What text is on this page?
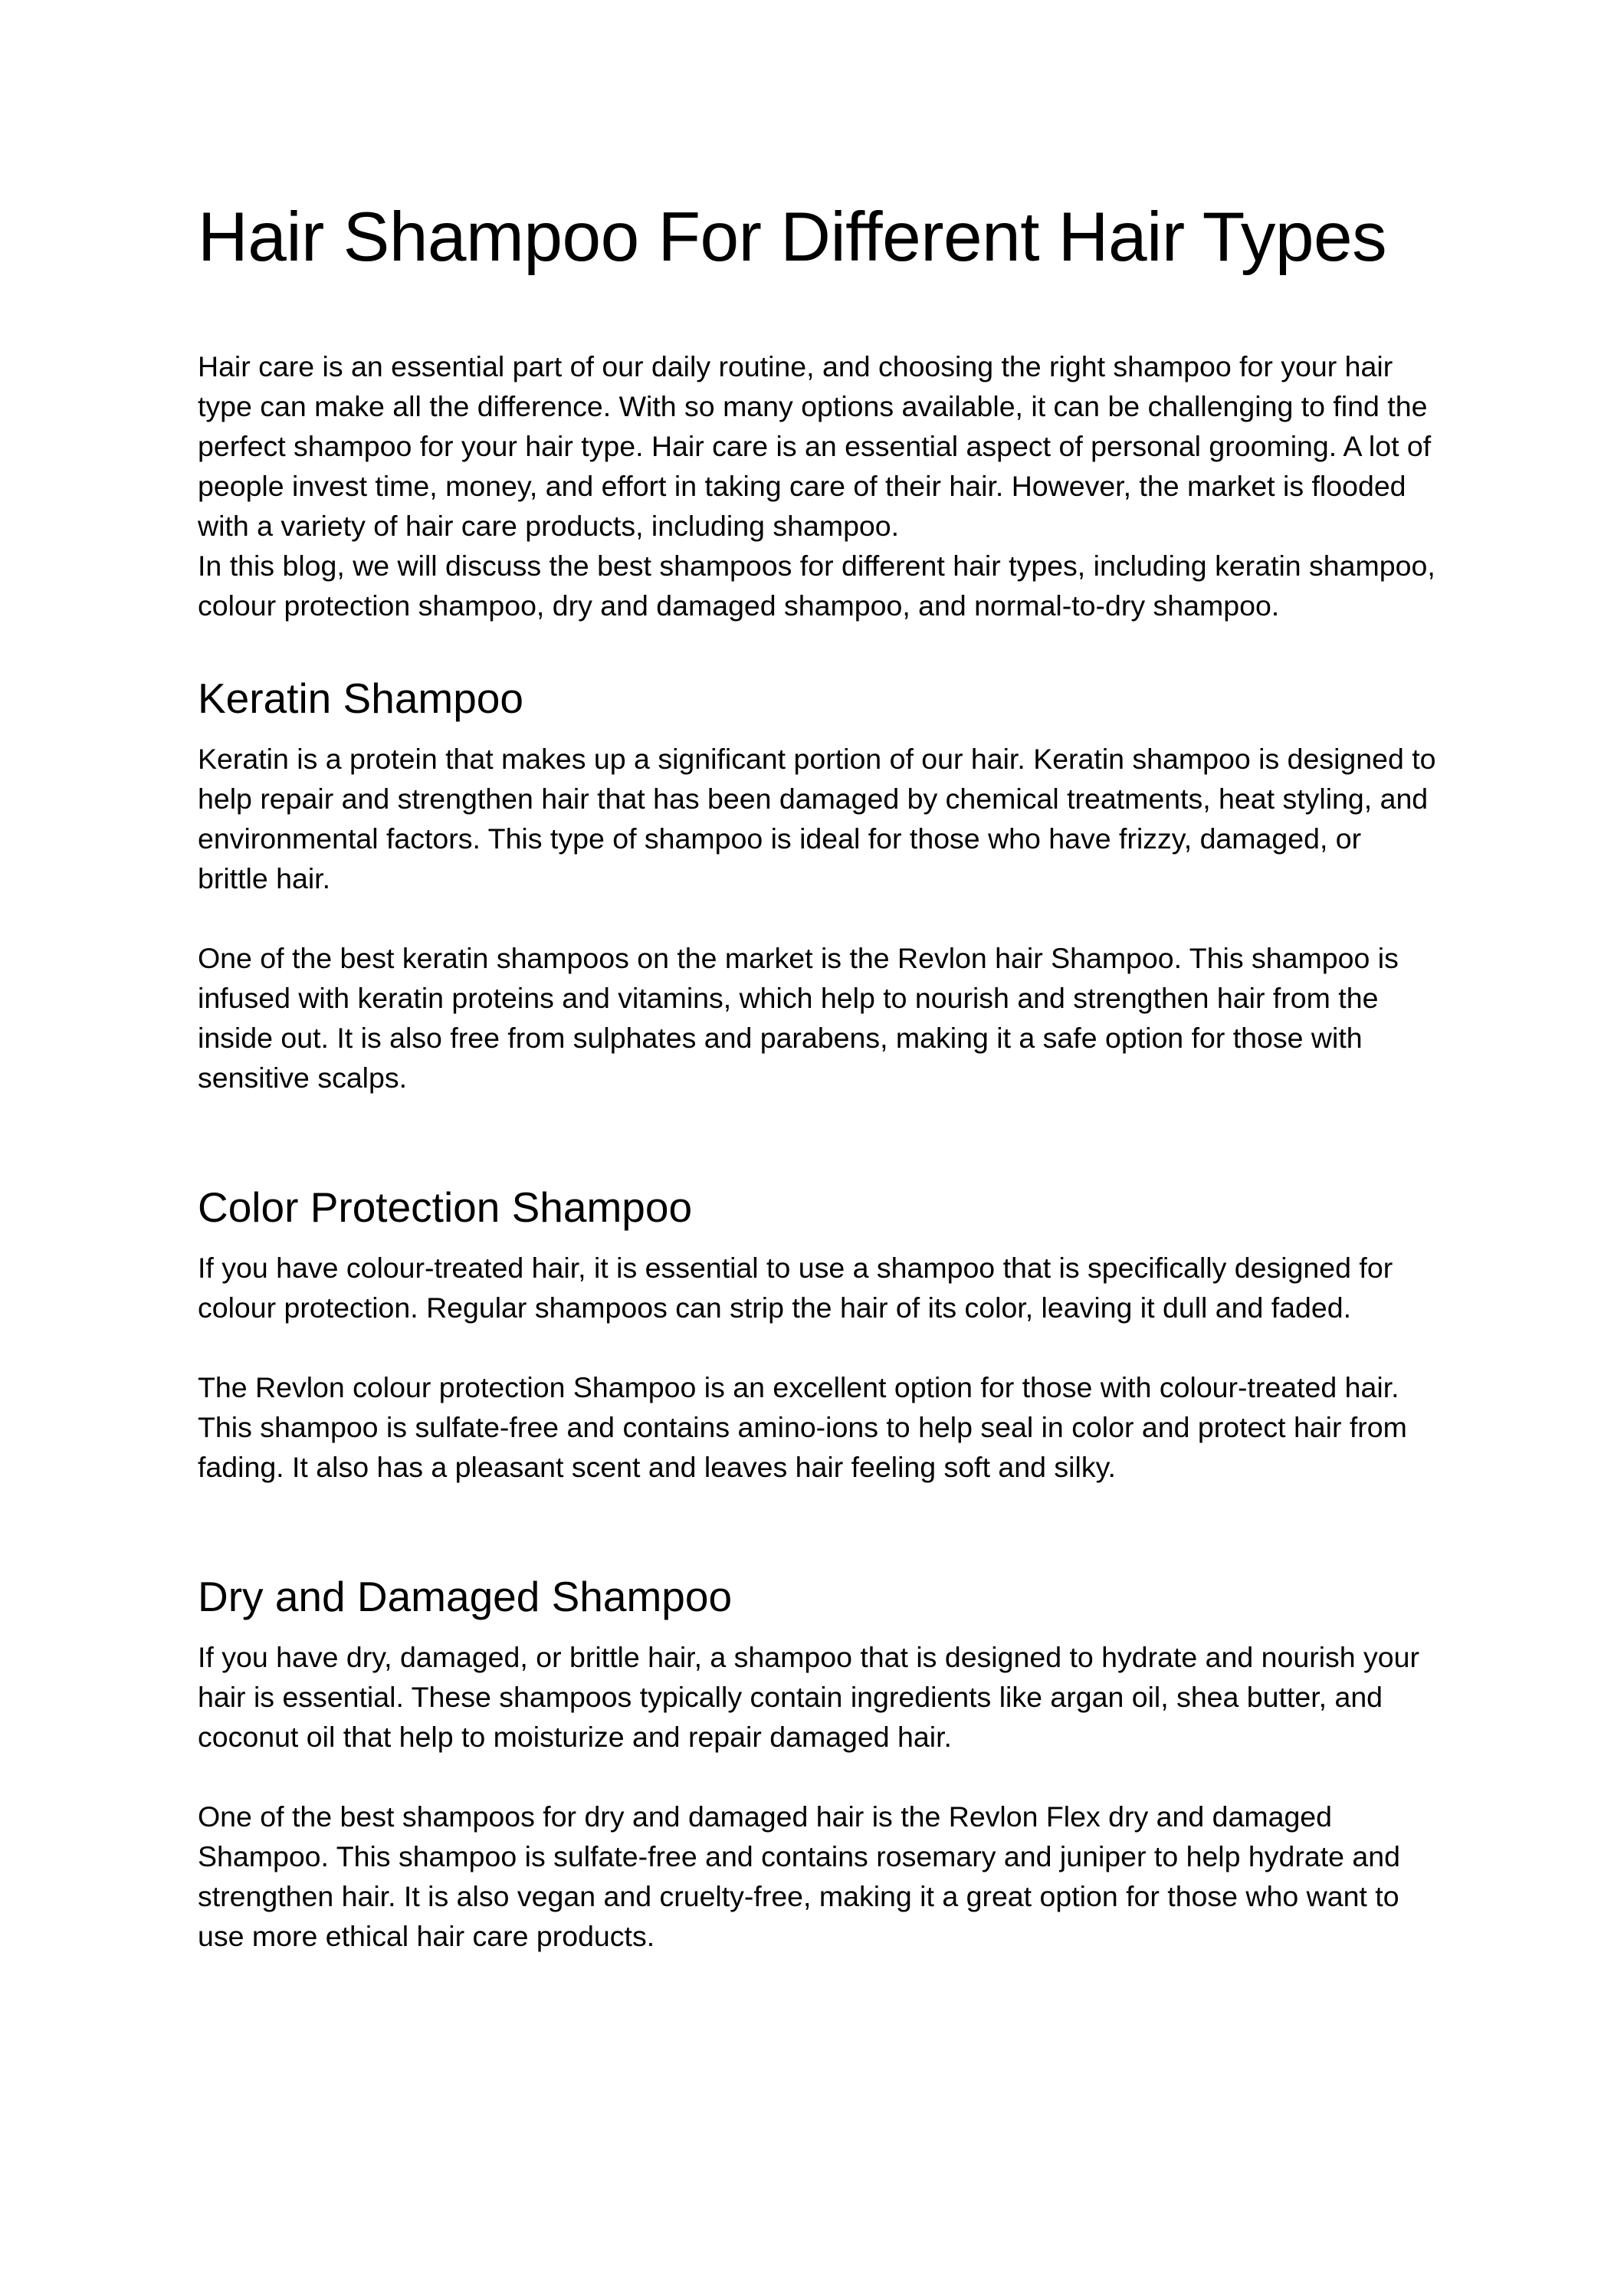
Hair Shampoo For Different Hair Types

Hair care is an essential part of our daily routine, and choosing the right shampoo for your hair type can make all the difference. With so many options available, it can be challenging to find the perfect shampoo for your hair type. Hair care is an essential aspect of personal grooming. A lot of people invest time, money, and effort in taking care of their hair. However, the market is flooded with a variety of hair care products, including shampoo.

In this blog, we will discuss the best shampoos for different hair types, including keratin shampoo, colour protection shampoo, dry and damaged shampoo, and normal-to-dry shampoo.

Keratin Shampoo

Keratin is a protein that makes up a significant portion of our hair. Keratin shampoo is designed to help repair and strengthen hair that has been damaged by chemical treatments, heat styling, and environmental factors. This type of shampoo is ideal for those who have frizzy, damaged, or brittle hair.

One of the best keratin shampoos on the market is the Revlon hair Shampoo. This shampoo is infused with keratin proteins and vitamins, which help to nourish and strengthen hair from the inside out. It is also free from sulphates and parabens, making it a safe option for those with sensitive scalps.

Color Protection Shampoo

If you have colour-treated hair, it is essential to use a shampoo that is specifically designed for colour protection. Regular shampoos can strip the hair of its color, leaving it dull and faded.

The Revlon colour protection Shampoo is an excellent option for those with colour-treated hair. This shampoo is sulfate-free and contains amino-ions to help seal in color and protect hair from fading. It also has a pleasant scent and leaves hair feeling soft and silky.

Dry and Damaged Shampoo

If you have dry, damaged, or brittle hair, a shampoo that is designed to hydrate and nourish your hair is essential. These shampoos typically contain ingredients like argan oil, shea butter, and coconut oil that help to moisturize and repair damaged hair.

One of the best shampoos for dry and damaged hair is the Revlon Flex dry and damaged Shampoo. This shampoo is sulfate-free and contains rosemary and juniper to help hydrate and strengthen hair. It is also vegan and cruelty-free, making it a great option for those who want to use more ethical hair care products.
